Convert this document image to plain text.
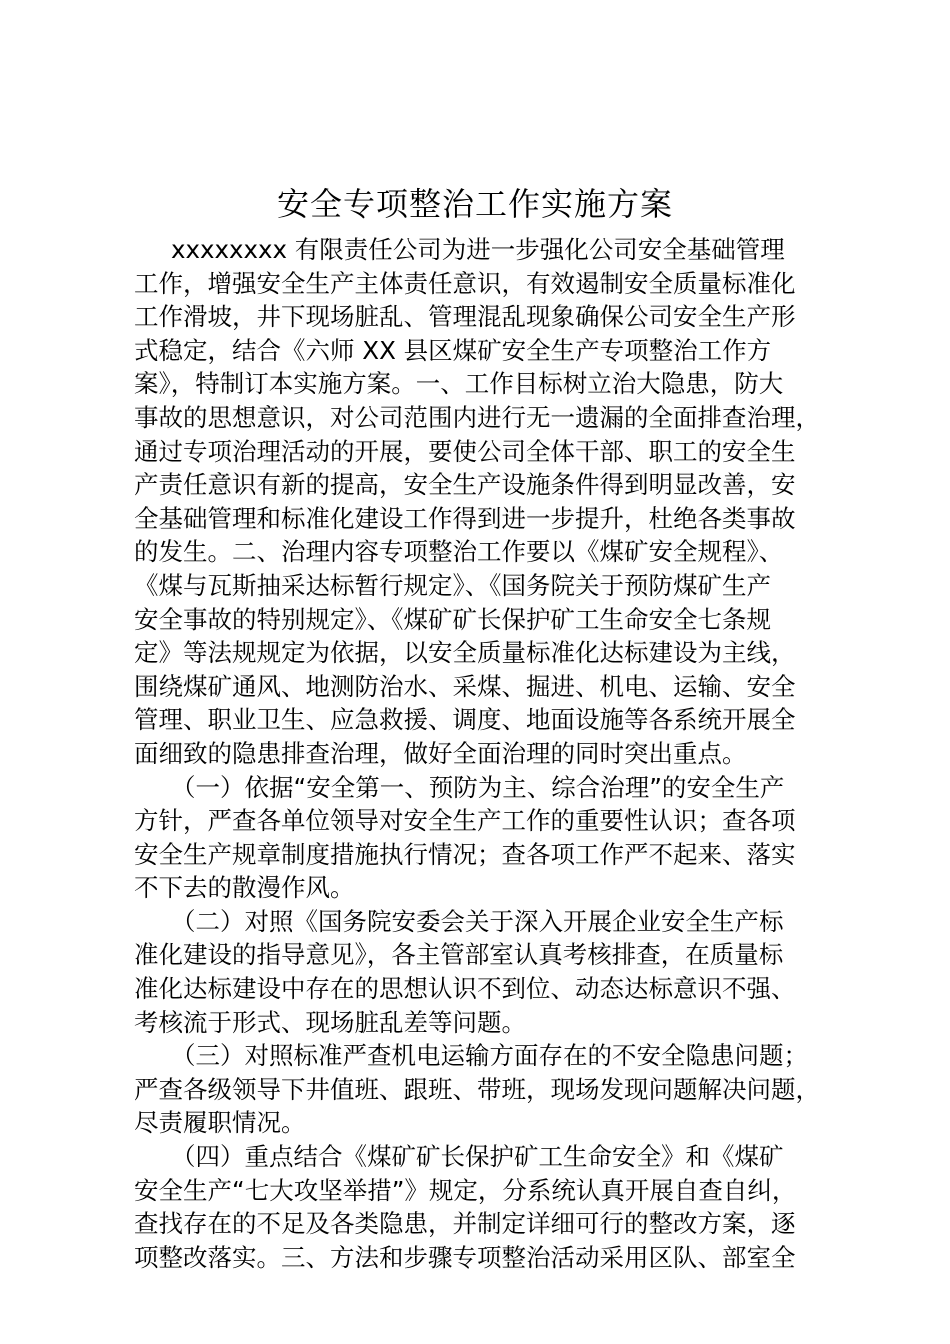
安全专项整治工作实施方案
xxxxxxxx 有限责任公司为进一步强化公司安全基础管理
工作，增强安全生产主体责任意识，有效遏制安全质量标准化
工作滑坡，井下现场脏乱、管理混乱现象确保公司安全生产形
式稳定，结合《六师 XX 县区煤矿安全生产专项整治工作方
案》，特制订本实施方案。一、工作目标树立治大隐患，防大
事故的思想意识，对公司范围内进行无一遗漏的全面排查治理，
通过专项治理活动的开展，要使公司全体干部、职工的安全生
产责任意识有新的提高，安全生产设施条件得到明显改善，安
全基础管理和标准化建设工作得到进一步提升，杜绝各类事故
的发生。二、治理内容专项整治工作要以《煤矿安全规程》、
《煤与瓦斯抽采达标暂行规定》、《国务院关于预防煤矿生产
安全事故的特别规定》、《煤矿矿长保护矿工生命安全七条规
定》等法规规定为依据，以安全质量标准化达标建设为主线，
围绕煤矿通风、地测防治水、采煤、掘进、机电、运输、安全
管理、职业卫生、应急救援、调度、地面设施等各系统开展全
面细致的隐患排查治理，做好全面治理的同时突出重点。
（一）依据“安全第一、预防为主、综合治理”的安全生产
方针，严查各单位领导对安全生产工作的重要性认识；查各项
安全生产规章制度措施执行情况；查各项工作严不起来、落实
不下去的散漫作风。
（二）对照《国务院安委会关于深入开展企业安全生产标
准化建设的指导意见》，各主管部室认真考核排查，在质量标
准化达标建设中存在的思想认识不到位、动态达标意识不强、
考核流于形式、现场脏乱差等问题。
（三）对照标准严查机电运输方面存在的不安全隐患问题；
严查各级领导下井值班、跟班、带班，现场发现问题解决问题，
尽责履职情况。
（四）重点结合《煤矿矿长保护矿工生命安全》和《煤矿
安全生产“七大攻坚举措”》规定，分系统认真开展自查自纠，
查找存在的不足及各类隐患，并制定详细可行的整改方案，逐
项整改落实。三、方法和步骤专项整治活动采用区队、部室全
